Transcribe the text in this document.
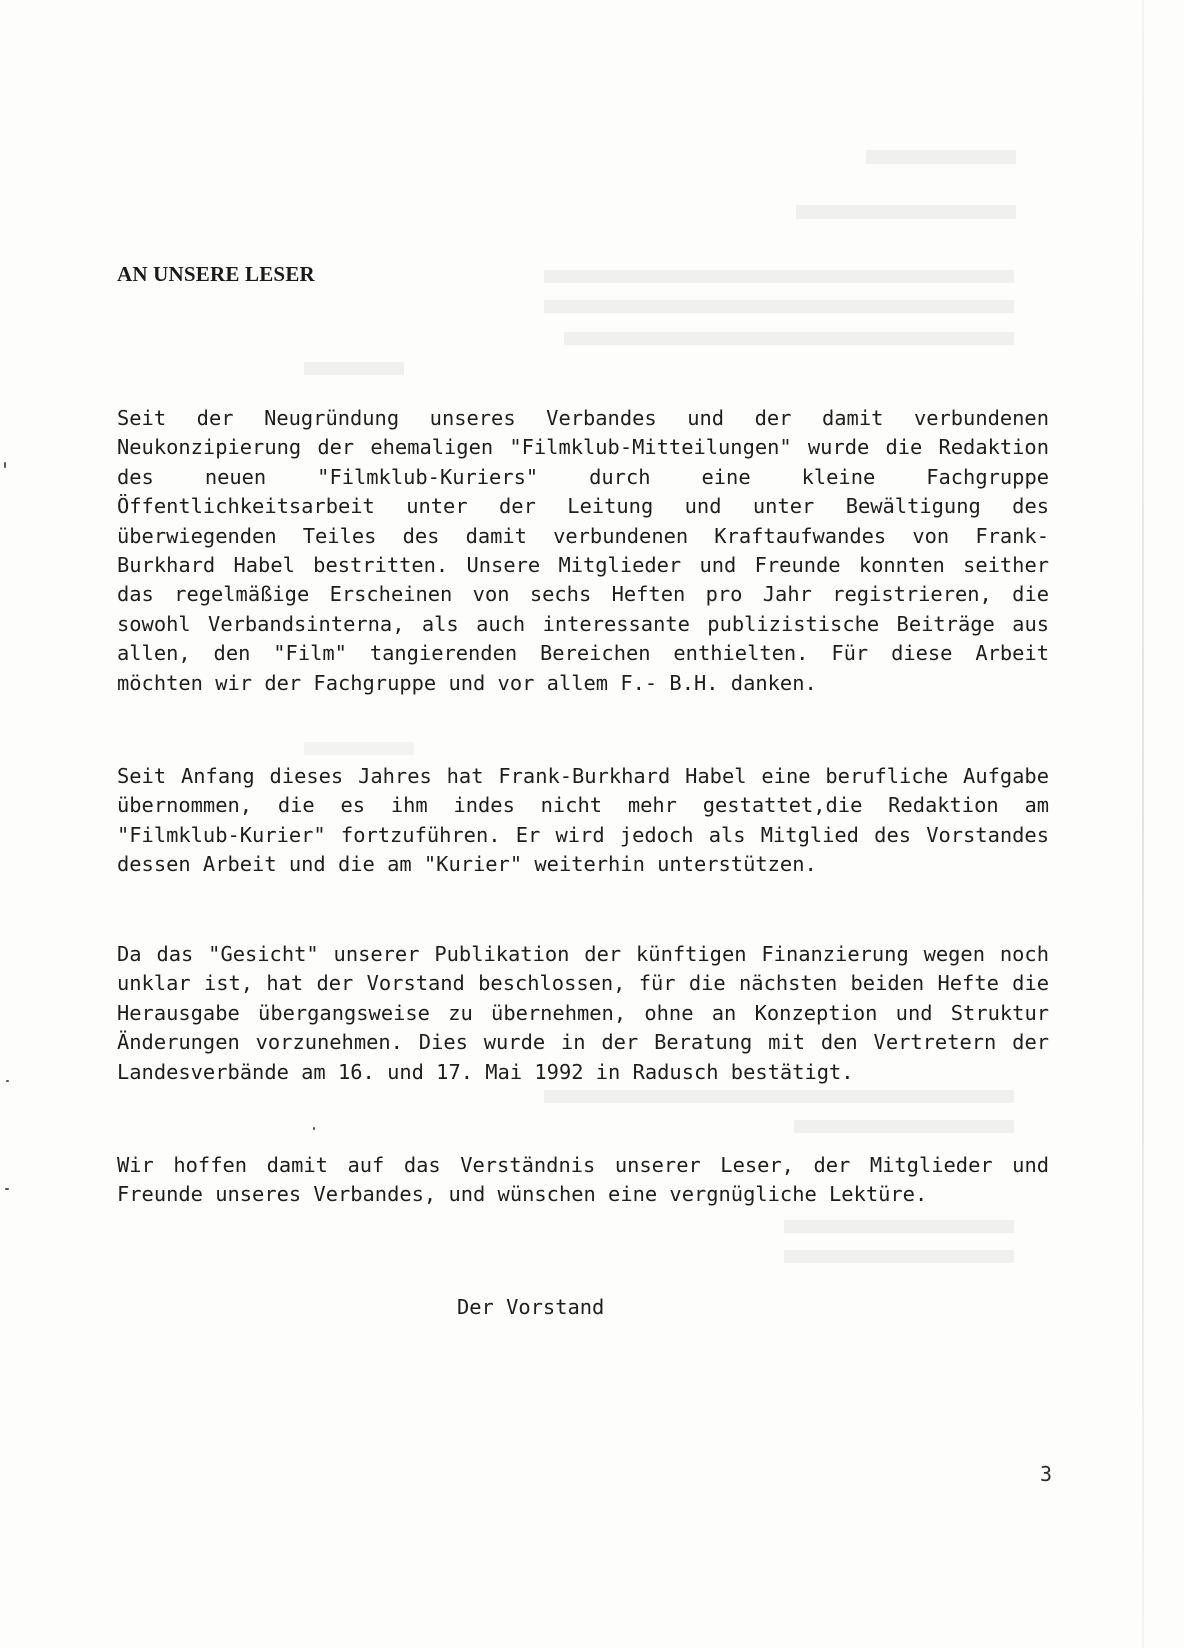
AN UNSERE LESER

Seit der Neugründung unseres Verbandes und der damit verbundenen Neukonzipierung der ehemaligen "Filmklub-Mitteilungen" wurde die Redaktion des neuen "Filmklub-Kuriers" durch eine kleine Fachgruppe Öffentlichkeitsarbeit unter der Leitung und unter Bewältigung des überwiegenden Teiles des damit verbundenen Kraftaufwandes von Frank-Burkhard Habel bestritten. Unsere Mitglieder und Freunde konnten seither das regelmäßige Erscheinen von sechs Heften pro Jahr registrieren, die sowohl Verbandsinterna, als auch interessante publizistische Beiträge aus allen, den "Film" tangierenden Bereichen enthielten. Für diese Arbeit möchten wir der Fachgruppe und vor allem F.- B.H. danken.

Seit Anfang dieses Jahres hat Frank-Burkhard Habel eine berufliche Aufgabe übernommen, die es ihm indes nicht mehr gestattet,die Redaktion am "Filmklub-Kurier" fortzuführen. Er wird jedoch als Mitglied des Vorstandes dessen Arbeit und die am "Kurier" weiterhin unterstützen.

Da das "Gesicht" unserer Publikation der künftigen Finanzierung wegen noch unklar ist, hat der Vorstand beschlossen, für die nächsten beiden Hefte die Herausgabe übergangsweise zu übernehmen, ohne an Konzeption und Struktur Änderungen vorzunehmen. Dies wurde in der Beratung mit den Vertretern der Landesverbände am 16. und 17. Mai 1992 in Radusch bestätigt.

Wir hoffen damit auf das Verständnis unserer Leser, der Mitglieder und Freunde unseres Verbandes, und wünschen eine vergnügliche Lektüre.

Der Vorstand

3
